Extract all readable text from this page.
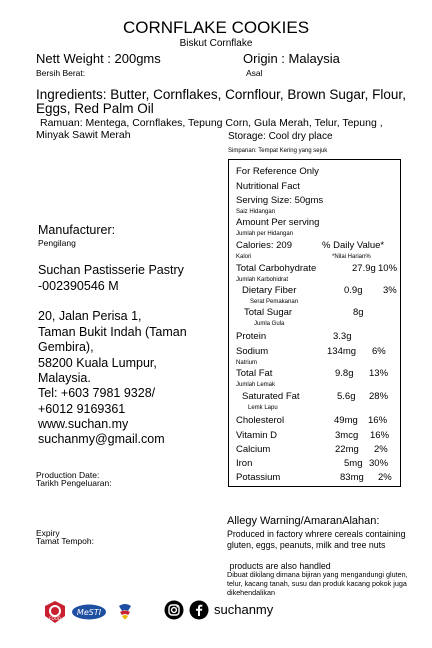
CORNFLAKE COOKIES
Biskut Cornflake
Nett Weight : 200gms
Bersih Berat:
Origin : Malaysia
Asal
Ingredients: Butter, Cornflakes, Cornflour, Brown Sugar, Flour, Eggs, Red Palm Oil
Ramuan: Mentega, Cornflakes, Tepung Corn, Gula Merah, Telur, Tepung , Minyak Sawit Merah	Storage: Cool dry place
Simpanan: Tempat Kering yang sejuk
Manufacturer:
Pengilang
Suchan Pastisserie Pastry
-002390546 M
20, Jalan Perisa 1,
Taman Bukit Indah (Taman
Gembira),
58200 Kuala Lumpur,
Malaysia.
Tel: +603 7981 9328/
+6012 9169361
www.suchan.my
suchanmy@gmail.com
Production Date:
Tarikh Pengeluaran:
Expiry
Tamat Tempoh:
For Reference Only
Nutritional Fact
Serving Size: 50gms
Saiz Hidangan
Amount Per serving
Jumlah per Hidangan
Calories: 209	% Daily Value*
Kalori	*Nilai Harian%
Total Carbohydrate	27.9g 10%
Jumlah Karbohidrat
Dietary Fiber	0.9g 3%
Serat Pemakanan
Total Sugar	8g
Jumla Gula
Protein	3.3g
Sodium	134mg 6%
Natrium
Total Fat	9.8g 13%
Jumlah Lemak
Saturated Fat	5.6g 28%
Lemk Lapu
Cholesterol	49mg 16%
Vitamin D	3mcg 16%
Calcium	22mg 2%
Iron	5mg 30%
Potassium	83mg 2%
Allegy Warning/AmaranAlahan:
Produced in factory whrere cereals containing gluten, eggs, peanuts, milk and tree nuts
products are also handled
Dibuat dikilang dimana bijiran yang mengandungi gluten, telur, kacang tanah, susu dan produk kacang pokok juga dikehendalikan
FOOD
MeSTI	suchanmy
